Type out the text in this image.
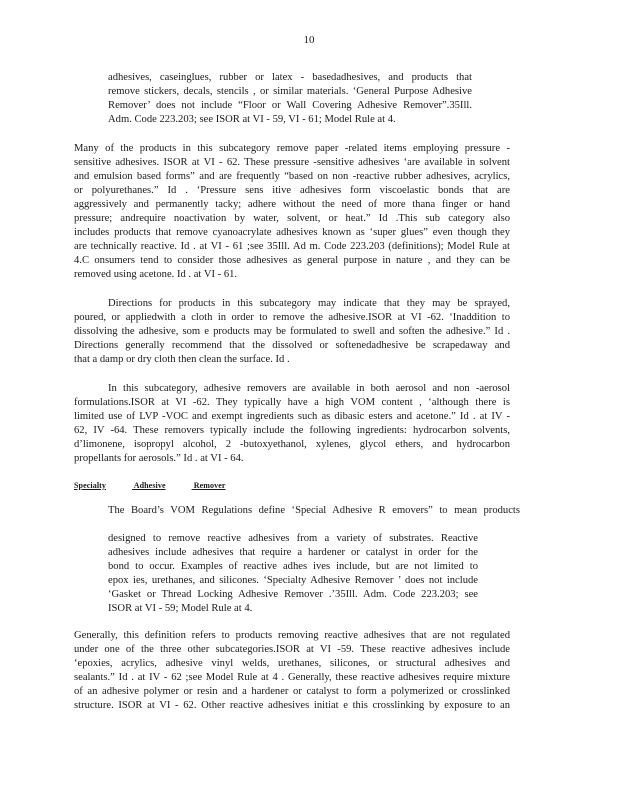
10
adhesives, caseinglues, rubber or latex - basedadhesives, and products that
remove stickers, decals, stencils , or similar materials. ‘General Purpose Adhesive
Remover’ does not include “Floor or Wall Covering Adhesive Remover”.35Ill.
Adm. Code 223.203; see ISOR at VI - 59, VI - 61; Model Rule at 4.
Many of the products in this subcategory remove paper -related items employing pressure -
sensitive adhesives. ISOR at VI - 62. These pressure -sensitive adhesives ‘are available in solvent
and emulsion based forms” and are frequently “based on non -reactive rubber adhesives, acrylics,
or polyurethanes.” Id . ‘Pressure sens itive adhesives form viscoelastic bonds that are
aggressively and permanently tacky; adhere without the need of more thana finger or hand
pressure; andrequire noactivation by water, solvent, or heat.” Id .This sub category also
includes products that remove cyanoacrylate adhesives known as ‘super glues” even though they
are technically reactive. Id . at VI - 61 ;see 35Ill. Ad m. Code 223.203 (definitions); Model Rule at
4.C onsumers tend to consider those adhesives as general purpose in nature , and they can be
removed using acetone. Id . at VI - 61.
Directions for products in this subcategory may indicate that they may be sprayed,
poured, or appliedwith a cloth in order to remove the adhesive.ISOR at VI -62. ‘Inaddition to
dissolving the adhesive, som e products may be formulated to swell and soften the adhesive.” Id .
Directions generally recommend that the dissolved or softenedadhesive be scrapedaway and
that a damp or dry cloth then clean the surface. Id .
In this subcategory, adhesive removers are available in both aerosol and non -aerosol
formulations.ISOR at VI -62. They typically have a high VOM content , ‘although there is
limited use of LVP -VOC and exempt ingredients such as dibasic esters and acetone.” Id . at IV -
62, IV -64. These removers typically include the following ingredients: hydrocarbon solvents,
d’limonene, isopropyl alcohol, 2 -butoxyethanol, xylenes, glycol ethers, and hydrocarbon
propellants for aerosols.” Id . at VI - 64.
Specialty	Adhesive	Remover
The Board’s VOM Regulations define ‘Special Adhesive R emovers” to mean products
designed to remove reactive adhesives from a variety of substrates. Reactive
adhesives include adhesives that require a hardener or catalyst in order for the
bond to occur. Examples of reactive adhes ives include, but are not limited to
epox ies, urethanes, and silicones. ‘Specialty Adhesive Remover ’ does not include
‘Gasket or Thread Locking Adhesive Remover .’35Ill. Adm. Code 223.203; see
ISOR at VI - 59; Model Rule at 4.
Generally, this definition refers to products removing reactive adhesives that are not regulated
under one of the three other subcategories.ISOR at VI -59. These reactive adhesives include
‘epoxies, acrylics, adhesive vinyl welds, urethanes, silicones, or structural adhesives and
sealants.” Id . at IV - 62 ;see Model Rule at 4 . Generally, these reactive adhesives require mixture
of an adhesive polymer or resin and a hardener or catalyst to form a polymerized or crosslinked
structure. ISOR at VI - 62. Other reactive adhesives initiat e this crosslinking by exposure to an
